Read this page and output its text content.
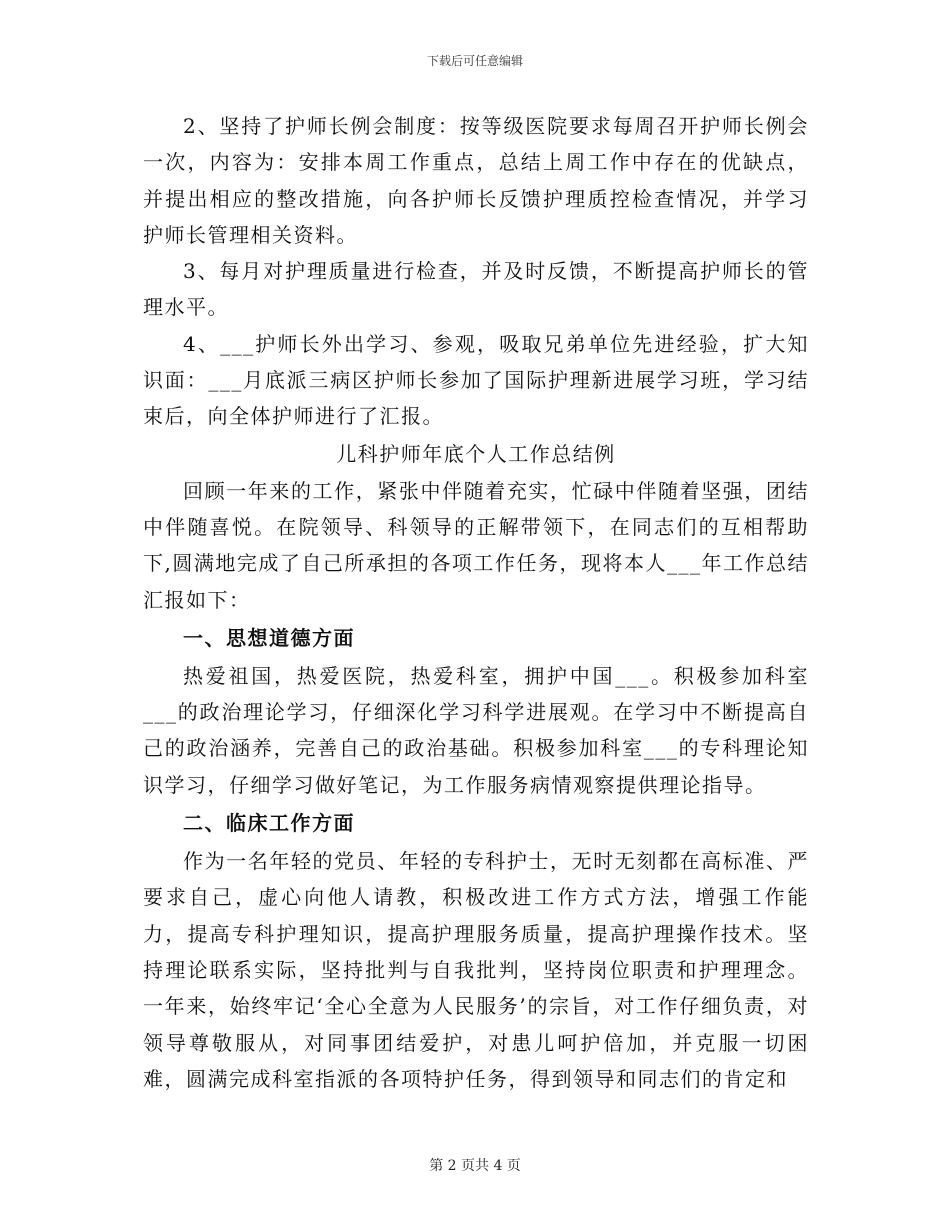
下载后可任意编辑

2、坚持了护师长例会制度：按等级医院要求每周召开护师长例会一次，内容为：安排本周工作重点，总结上周工作中存在的优缺点，并提出相应的整改措施，向各护师长反馈护理质控检查情况，并学习护师长管理相关资料。

3、每月对护理质量进行检查，并及时反馈，不断提高护师长的管理水平。

4、___护师长外出学习、参观，吸取兄弟单位先进经验，扩大知识面：___月底派三病区护师长参加了国际护理新进展学习班，学习结束后，向全体护师进行了汇报。

儿科护师年底个人工作总结例

回顾一年来的工作，紧张中伴随着充实，忙碌中伴随着坚强，团结中伴随喜悦。在院领导、科领导的正解带领下，在同志们的互相帮助下,圆满地完成了自己所承担的各项工作任务，现将本人___年工作总结汇报如下：

一、思想道德方面

热爱祖国，热爱医院，热爱科室，拥护中国___。积极参加科室___的政治理论学习，仔细深化学习科学进展观。在学习中不断提高自己的政治涵养，完善自己的政治基础。积极参加科室___的专科理论知识学习，仔细学习做好笔记，为工作服务病情观察提供理论指导。

二、临床工作方面

作为一名年轻的党员、年轻的专科护士，无时无刻都在高标准、严要求自己，虚心向他人请教，积极改进工作方式方法，增强工作能力，提高专科护理知识，提高护理服务质量，提高护理操作技术。坚持理论联系实际，坚持批判与自我批判，坚持岗位职责和护理理念。一年来，始终牢记‘全心全意为人民服务’的宗旨，对工作仔细负责，对领导尊敬服从，对同事团结爱护，对患儿呵护倍加，并克服一切困难，圆满完成科室指派的各项特护任务，得到领导和同志们的肯定和

第 2 页共 4 页
